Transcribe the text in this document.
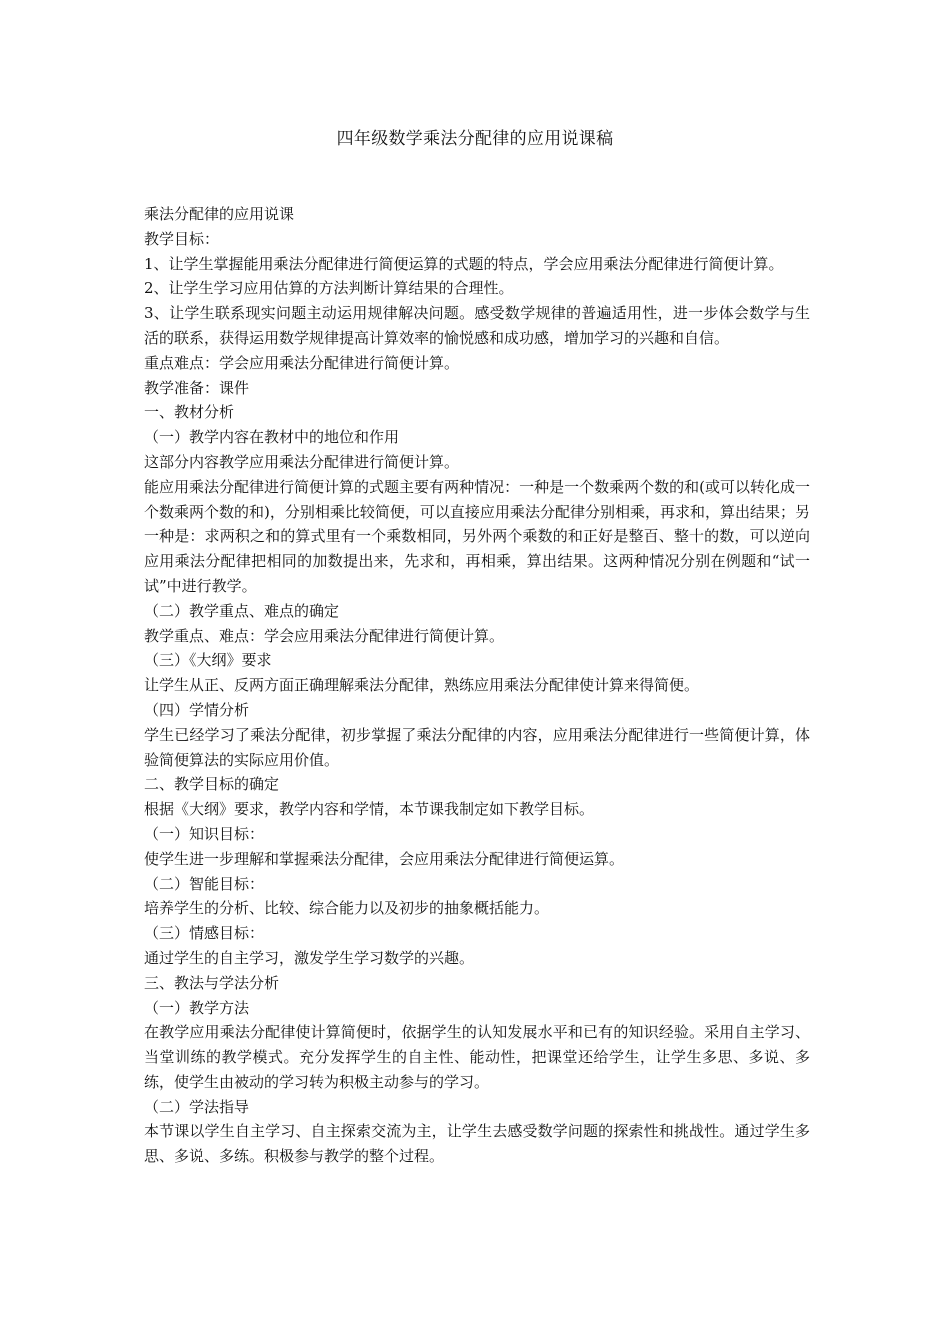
四年级数学乘法分配律的应用说课稿

乘法分配律的应用说课

教学目标：

1、让学生掌握能用乘法分配律进行简便运算的式题的特点，学会应用乘法分配律进行简便计算。

2、让学生学习应用估算的方法判断计算结果的合理性。

3、让学生联系现实问题主动运用规律解决问题。感受数学规律的普遍适用性，进一步体会数学与生活的联系，获得运用数学规律提高计算效率的愉悦感和成功感，增加学习的兴趣和自信。

重点难点：学会应用乘法分配律进行简便计算。

教学准备：课件

一、教材分析

（一）教学内容在教材中的地位和作用

这部分内容教学应用乘法分配律进行简便计算。

能应用乘法分配律进行简便计算的式题主要有两种情况：一种是一个数乘两个数的和(或可以转化成一个数乘两个数的和)，分别相乘比较简便，可以直接应用乘法分配律分别相乘，再求和，算出结果；另一种是：求两积之和的算式里有一个乘数相同，另外两个乘数的和正好是整百、整十的数，可以逆向应用乘法分配律把相同的加数提出来，先求和，再相乘，算出结果。这两种情况分别在例题和“试一试”中进行教学。

（二）教学重点、难点的确定

教学重点、难点：学会应用乘法分配律进行简便计算。

（三）《大纲》要求

让学生从正、反两方面正确理解乘法分配律，熟练应用乘法分配律使计算来得简便。

（四）学情分析

学生已经学习了乘法分配律，初步掌握了乘法分配律的内容，应用乘法分配律进行一些简便计算，体验简便算法的实际应用价值。

二、教学目标的确定

根据《大纲》要求，教学内容和学情，本节课我制定如下教学目标。

（一）知识目标：

使学生进一步理解和掌握乘法分配律，会应用乘法分配律进行简便运算。

（二）智能目标：

培养学生的分析、比较、综合能力以及初步的抽象概括能力。

（三）情感目标：

通过学生的自主学习，激发学生学习数学的兴趣。

三、教法与学法分析

（一）教学方法

在教学应用乘法分配律使计算简便时，依据学生的认知发展水平和已有的知识经验。采用自主学习、当堂训练的教学模式。充分发挥学生的自主性、能动性，把课堂还给学生，让学生多思、多说、多练，使学生由被动的学习转为积极主动参与的学习。

（二）学法指导

本节课以学生自主学习、自主探索交流为主，让学生去感受数学问题的探索性和挑战性。通过学生多思、多说、多练。积极参与教学的整个过程。
